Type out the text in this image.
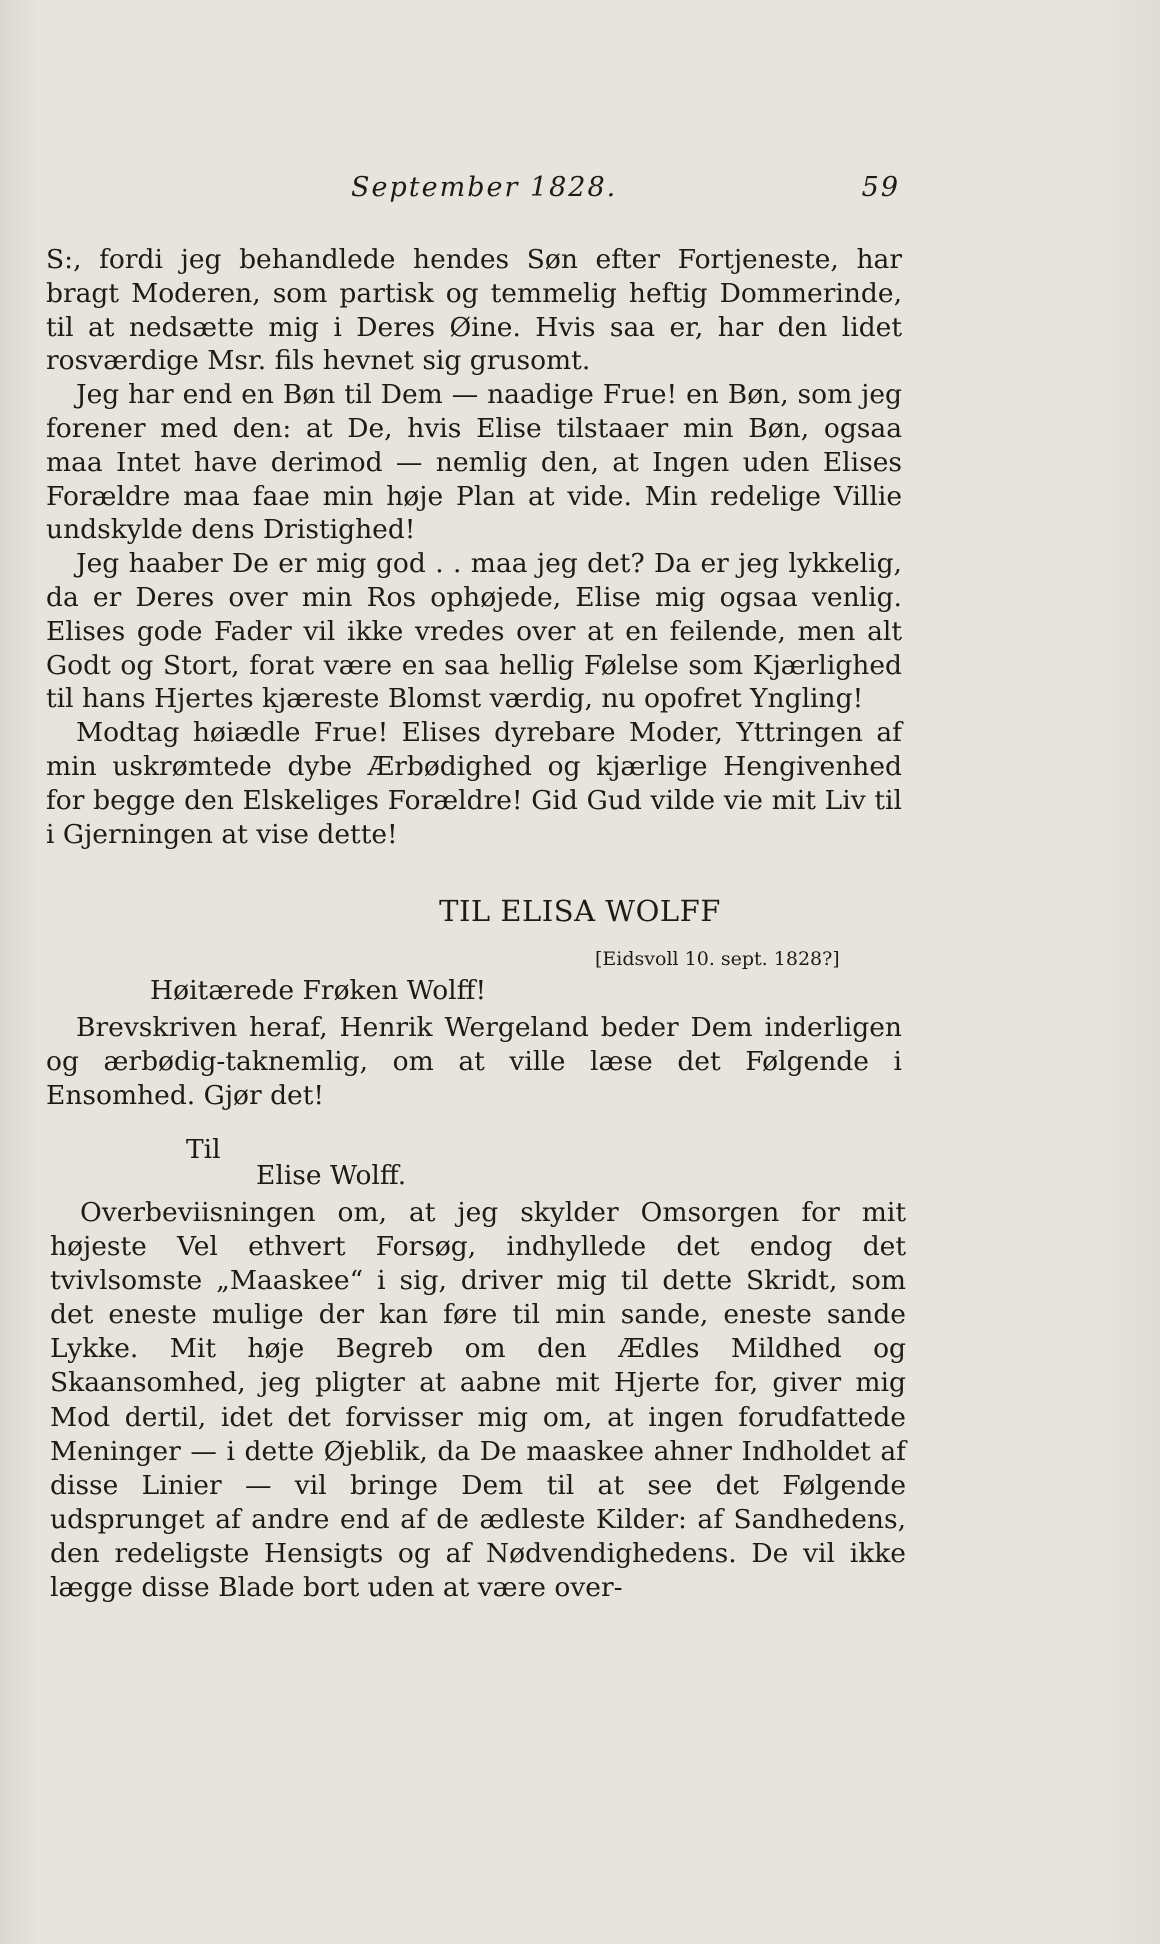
September 1828.	59

S:, fordi jeg behandlede hendes Søn efter Fortjeneste, har bragt Moderen, som partisk og temmelig heftig Dommerinde, til at nedsætte mig i Deres Øine. Hvis saa er, har den lidet rosværdige Msr. fils hevnet sig grusomt.

Jeg har end en Bøn til Dem — naadige Frue! en Bøn, som jeg forener med den: at De, hvis Elise tilstaaer min Bøn, ogsaa maa Intet have derimod — nemlig den, at Ingen uden Elises Forældre maa faae min høje Plan at vide. Min redelige Villie undskylde dens Dristighed!

Jeg haaber De er mig god . . maa jeg det? Da er jeg lykkelig, da er Deres over min Ros ophøjede, Elise mig ogsaa venlig. Elises gode Fader vil ikke vredes over at en feilende, men alt Godt og Stort, forat være en saa hellig Følelse som Kjærlighed til hans Hjertes kjæreste Blomst værdig, nu opofret Yngling!

Modtag høiædle Frue! Elises dyrebare Moder, Yttringen af min uskrømtede dybe Ærbødighed og kjærlige Hengivenhed for begge den Elskeliges Forældre! Gid Gud vilde vie mit Liv til i Gjerningen at vise dette!

TIL ELISA WOLFF
[Eidsvoll 10. sept. 1828?]
Høitærede Frøken Wolff!

Brevskriven heraf, Henrik Wergeland beder Dem inderligen og ærbødig-taknemlig, om at ville læse det Følgende i Ensomhed. Gjør det!

Til
Elise Wolff.

Overbeviisningen om, at jeg skylder Omsorgen for mit højeste Vel ethvert Forsøg, indhyllede det endog det tvivlsomste „Maaskee“ i sig, driver mig til dette Skridt, som det eneste mulige der kan føre til min sande, eneste sande Lykke. Mit høje Begreb om den Ædles Mildhed og Skaansomhed, jeg pligter at aabne mit Hjerte for, giver mig Mod dertil, idet det forvisser mig om, at ingen forudfattede Meninger — i dette Øjeblik, da De maaskee ahner Indholdet af disse Linier — vil bringe Dem til at see det Følgende udsprunget af andre end af de ædleste Kilder: af Sandhedens, den redeligste Hensigts og af Nødvendighedens. De vil ikke lægge disse Blade bort uden at være over-
